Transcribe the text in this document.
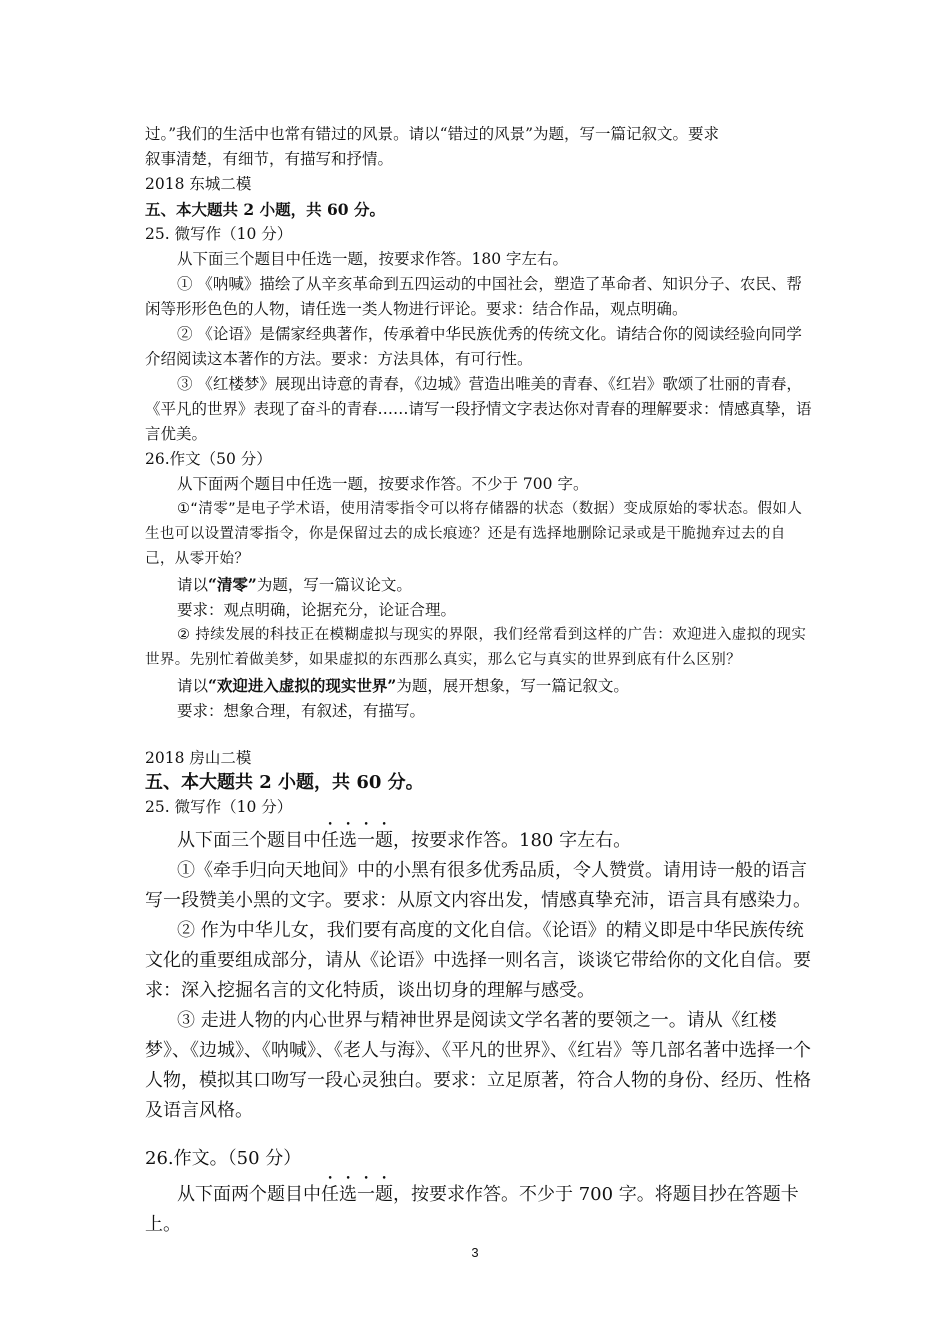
过。”我们的生活中也常有错过的风景。请以“错过的风景”为题，写一篇记叙文。要求

叙事清楚，有细节，有描写和抒情。

2018 东城二模

五、本大题共 2 小题，共 60 分。

25. 微写作（10 分）

从下面三个题目中任选一题，按要求作答。180 字左右。

① 《呐喊》描绘了从辛亥革命到五四运动的中国社会，塑造了革命者、知识分子、农民、帮闲等形形色色的人物，请任选一类人物进行评论。要求：结合作品，观点明确。

② 《论语》是儒家经典著作，传承着中华民族优秀的传统文化。请结合你的阅读经验向同学介绍阅读这本著作的方法。要求：方法具体，有可行性。

③ 《红楼梦》展现出诗意的青春，《边城》营造出唯美的青春、《红岩》歌颂了壮丽的青春，《平凡的世界》表现了奋斗的青春……请写一段抒情文字表达你对青春的理解要求：情感真挚，语言优美。

26.作文（50 分）

从下面两个题目中任选一题，按要求作答。不少于 700 字。

①“清零”是电子学术语，使用清零指令可以将存储器的状态（数据）变成原始的零状态。假如人生也可以设置清零指令，你是保留过去的成长痕迹？还是有选择地删除记录或是干脆抛弃过去的自己，从零开始？

请以“清零”为题，写一篇议论文。

要求：观点明确，论据充分，论证合理。

② 持续发展的科技正在模糊虚拟与现实的界限，我们经常看到这样的广告：欢迎进入虚拟的现实世界。先别忙着做美梦，如果虚拟的东西那么真实，那么它与真实的世界到底有什么区别？

请以“欢迎进入虚拟的现实世界”为题，展开想象，写一篇记叙文。

要求：想象合理，有叙述，有描写。

2018 房山二模

五、本大题共 2 小题，共 60 分。

25. 微写作（10 分）

从下面三个题目中任选一题，按要求作答。180 字左右。

①《牵手归向天地间》中的小黑有很多优秀品质，令人赞赏。请用诗一般的语言写一段赞美小黑的文字。要求：从原文内容出发，情感真挚充沛，语言具有感染力。

② 作为中华儿女，我们要有高度的文化自信。《论语》的精义即是中华民族传统文化的重要组成部分，请从《论语》中选择一则名言，谈谈它带给你的文化自信。要求：深入挖掘名言的文化特质，谈出切身的理解与感受。

③ 走进人物的内心世界与精神世界是阅读文学名著的要领之一。请从《红楼梦》、《边城》、《呐喊》、《老人与海》、《平凡的世界》、《红岩》等几部名著中选择一个人物，模拟其口吻写一段心灵独白。要求：立足原著，符合人物的身份、经历、性格及语言风格。

26.作文。（50 分）

从下面两个题目中任选一题，按要求作答。不少于 700 字。将题目抄在答题卡上。

3
